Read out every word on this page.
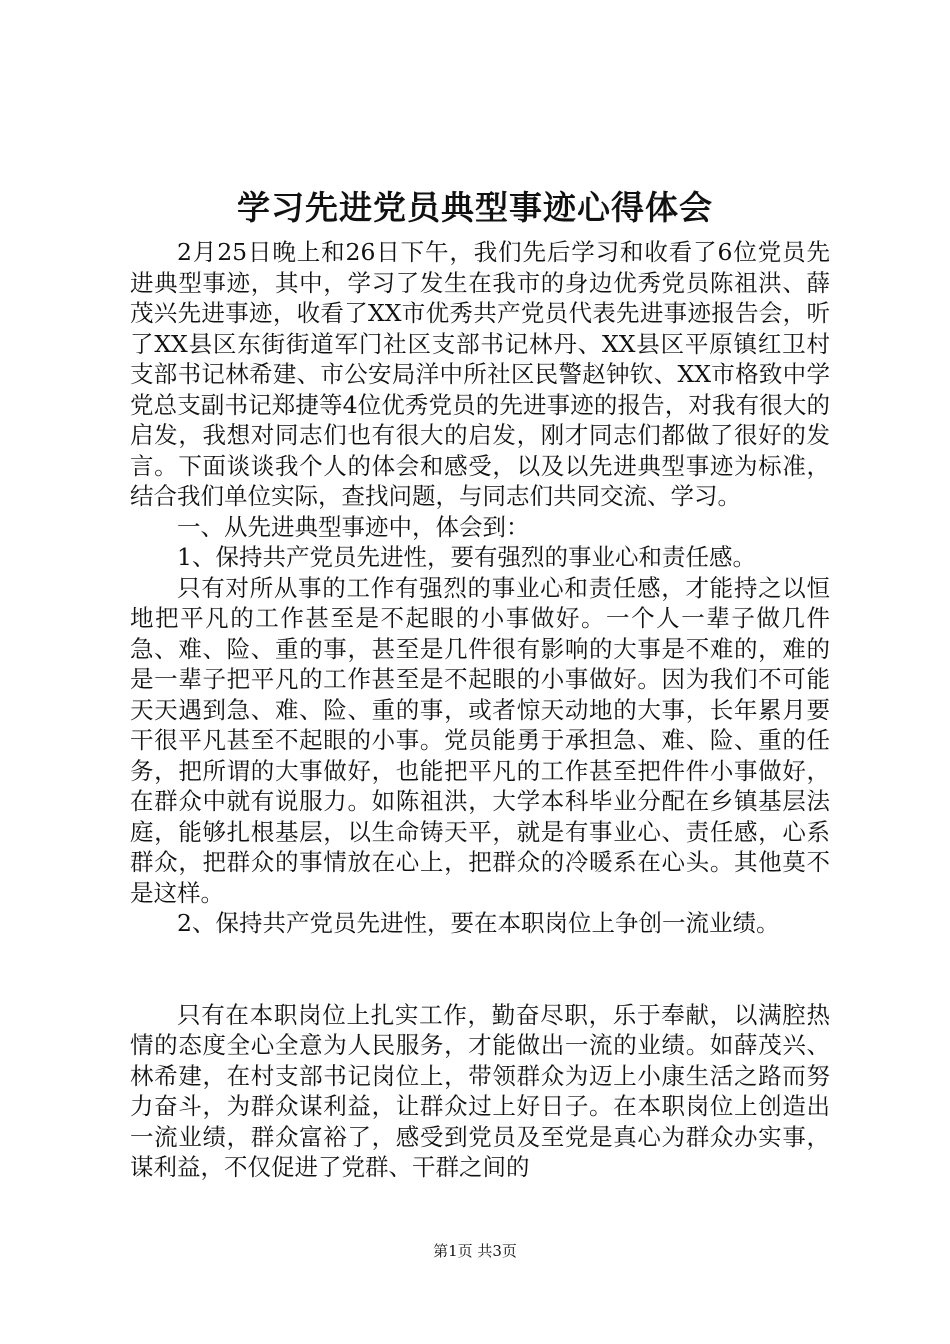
学习先进党员典型事迹心得体会

2月25日晚上和26日下午，我们先后学习和收看了6位党员先进典型事迹，其中，学习了发生在我市的身边优秀党员陈祖洪、薛茂兴先进事迹，收看了XX市优秀共产党员代表先进事迹报告会，听了XX县区东街街道军门社区支部书记林丹、XX县区平原镇红卫村支部书记林希建、市公安局洋中所社区民警赵钟钦、XX市格致中学党总支副书记郑捷等4位优秀党员的先进事迹的报告，对我有很大的启发，我想对同志们也有很大的启发，刚才同志们都做了很好的发言。下面谈谈我个人的体会和感受，以及以先进典型事迹为标准，结合我们单位实际，查找问题，与同志们共同交流、学习。

一、从先进典型事迹中，体会到：

1、保持共产党员先进性，要有强烈的事业心和责任感。

只有对所从事的工作有强烈的事业心和责任感，才能持之以恒地把平凡的工作甚至是不起眼的小事做好。一个人一辈子做几件急、难、险、重的事，甚至是几件很有影响的大事是不难的，难的是一辈子把平凡的工作甚至是不起眼的小事做好。因为我们不可能天天遇到急、难、险、重的事，或者惊天动地的大事，长年累月要干很平凡甚至不起眼的小事。党员能勇于承担急、难、险、重的任务，把所谓的大事做好，也能把平凡的工作甚至把件件小事做好，在群众中就有说服力。如陈祖洪，大学本科毕业分配在乡镇基层法庭，能够扎根基层，以生命铸天平，就是有事业心、责任感，心系群众，把群众的事情放在心上，把群众的冷暖系在心头。其他莫不是这样。

2、保持共产党员先进性，要在本职岗位上争创一流业绩。

只有在本职岗位上扎实工作，勤奋尽职，乐于奉献，以满腔热情的态度全心全意为人民服务，才能做出一流的业绩。如薛茂兴、林希建，在村支部书记岗位上，带领群众为迈上小康生活之路而努力奋斗，为群众谋利益，让群众过上好日子。在本职岗位上创造出一流业绩，群众富裕了，感受到党员及至党是真心为群众办实事，谋利益，不仅促进了党群、干群之间的

第1页 共3页
